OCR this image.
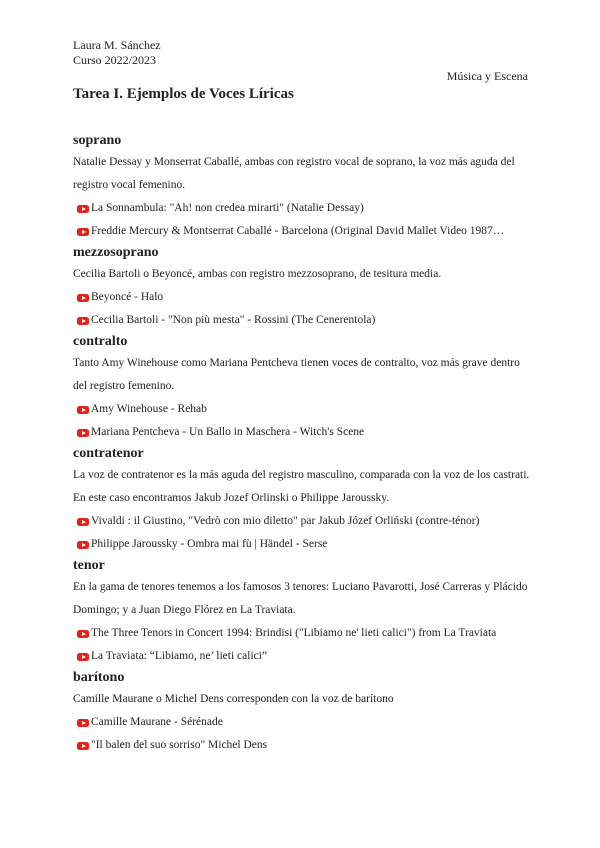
Laura M. Sánchez
Curso 2022/2023
Música y Escena
Tarea I. Ejemplos de Voces Líricas
soprano

Natalie Dessay y Monserrat Caballé, ambas con registro vocal de soprano, la voz más aguda del registro vocal femenino.

La Sonnambula: "Ah! non credea mirarti" (Natalie Dessay)
Freddie Mercury & Montserrat Caballé - Barcelona (Original David Mallet Video 1987…
mezzosoprano

Cecilia Bartoli o Beyoncé, ambas con registro mezzosoprano, de tesitura media.

Beyoncé - Halo
Cecilia Bartoli - "Non più mesta" - Rossini (The Cenerentola)
contralto

Tanto Amy Winehouse como Mariana Pentcheva tienen voces de contralto, voz más grave dentro del registro femenino.

Amy Winehouse - Rehab
Mariana Pentcheva - Un Ballo in Maschera - Witch's Scene
contratenor

La voz de contratenor es la más aguda del registro masculino, comparada con la voz de los castrati. En este caso encontramos Jakub Jozef Orlinski o Philippe Jaroussky.

Vivaldi : il Giustino, "Vedrò con mio diletto" par Jakub Józef Orliński (contre-ténor)
Philippe Jaroussky - Ombra mai fù | Händel - Serse
tenor

En la gama de tenores tenemos a los famosos 3 tenores: Luciano Pavarotti, José Carreras y Plácido Domingo; y a Juan Diego Flórez en La Traviata.

The Three Tenors in Concert 1994: Brindisi ("Libiamo ne' lieti calici") from La Traviata
La Traviata: “Libiamo, ne’ lieti calici”
barítono

Camille Maurane o Michel Dens corresponden con la voz de barítono

Camille Maurane - Sérénade
"Il balen del suo sorriso" Michel Dens
